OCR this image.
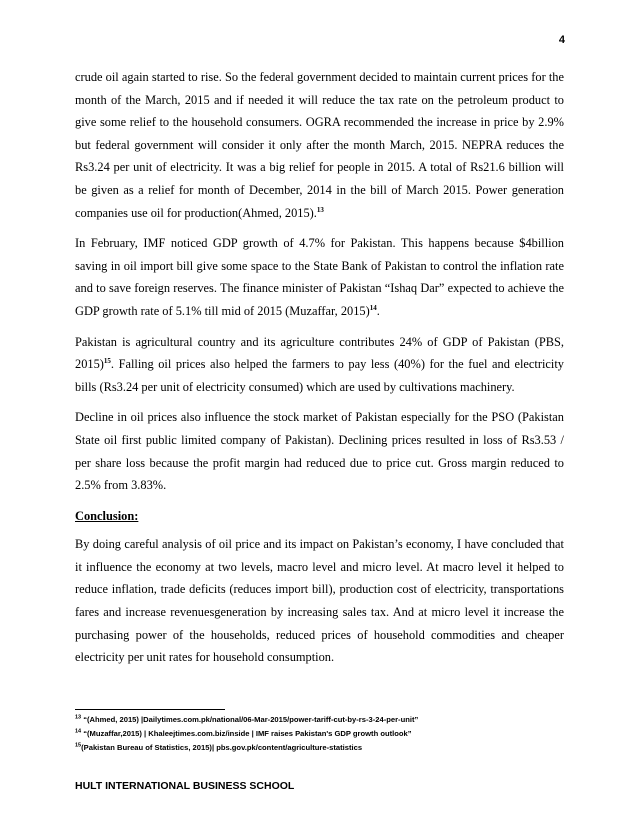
4

crude oil again started to rise. So the federal government decided to maintain current prices for the month of the March, 2015 and if needed it will reduce the tax rate on the petroleum product to give some relief to the household consumers. OGRA recommended the increase in price by 2.9% but federal government will consider it only after the month March, 2015. NEPRA reduces the Rs3.24 per unit of electricity. It was a big relief for people in 2015. A total of Rs21.6 billion will be given as a relief for month of December, 2014 in the bill of March 2015. Power generation companies use oil for production(Ahmed, 2015).$^{13}$

In February, IMF noticed GDP growth of 4.7% for Pakistan. This happens because $4billion saving in oil import bill give some space to the State Bank of Pakistan to control the inflation rate and to save foreign reserves. The finance minister of Pakistan “Ishaq Dar” expected to achieve the GDP growth rate of 5.1% till mid of 2015 (Muzaffar, 2015)$^{14}$.

Pakistan is agricultural country and its agriculture contributes 24% of GDP of Pakistan (PBS, 2015)$^{15}$. Falling oil prices also helped the farmers to pay less (40%) for the fuel and electricity bills (Rs3.24 per unit of electricity consumed) which are used by cultivations machinery.

Decline in oil prices also influence the stock market of Pakistan especially for the PSO (Pakistan State oil first public limited company of Pakistan). Declining prices resulted in loss of Rs3.53 / per share loss because the profit margin had reduced due to price cut. Gross margin reduced to 2.5% from 3.83%.

Conclusion:

By doing careful analysis of oil price and its impact on Pakistan’s economy, I have concluded that it influence the economy at two levels, macro level and micro level. At macro level it helped to reduce inflation, trade deficits (reduces import bill), production cost of electricity, transportations fares and increase revenuesgeneration by increasing sales tax. And at micro level it increase the purchasing power of the households, reduced prices of household commodities and cheaper electricity per unit rates for household consumption.

$^{13}$ “(Ahmed, 2015) |Dailytimes.com.pk/national/06-Mar-2015/power-tariff-cut-by-rs-3-24-per-unit”
$^{14}$ “(Muzaffar,2015) | Khaleejtimes.com.biz/inside | IMF raises Pakistan's GDP growth outlook”
$^{15}$(Pakistan Bureau of Statistics, 2015)| pbs.gov.pk/content/agriculture-statistics
HULT INTERNATIONAL BUSINESS SCHOOL
